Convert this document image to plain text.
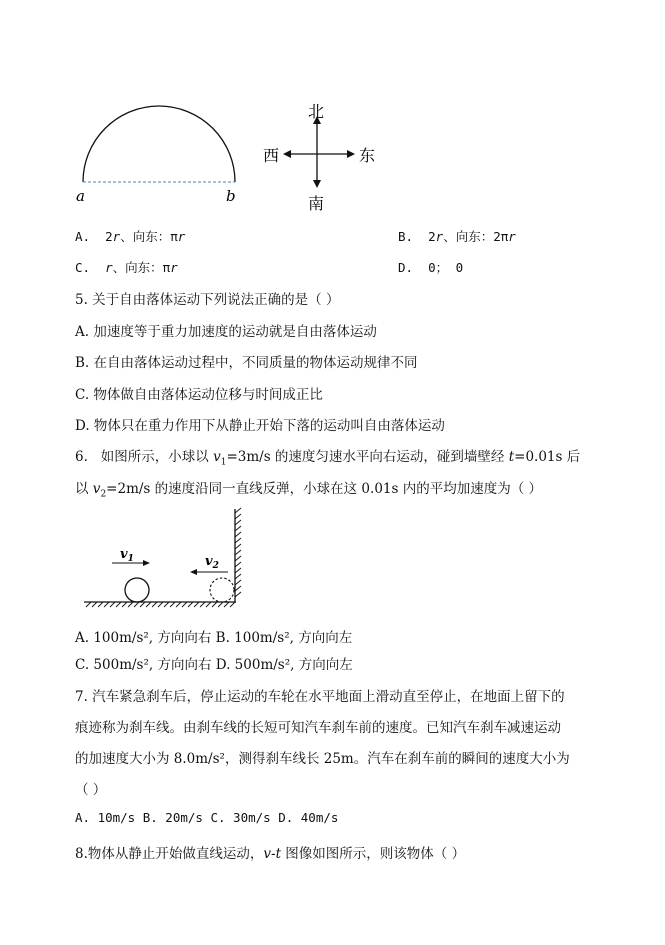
a	b
北
南
东
西
A. 2r、向东：πr	B. 2r、向东：2πr
C. r、向东：πr	D. 0； 0
5. 关于自由落体运动下列说法正确的是（ ）
A. 加速度等于重力加速度的运动就是自由落体运动
B. 在自由落体运动过程中，不同质量的物体运动规律不同
C. 物体做自由落体运动位移与时间成正比
D. 物体只在重力作用下从静止开始下落的运动叫自由落体运动
6. 如图所示，小球以 $v_1=3m/s$ 的速度匀速水平向右运动，碰到墙壁经 t=0.01s 后
以 $v_2=2m/s$ 的速度沿同一直线反弹，小球在这 0.01s 内的平均加速度为（ ）
$v_1$	$v_2$
A. 100m/s², 方向向右 B. 100m/s², 方向向左
C. 500m/s², 方向向右 D. 500m/s², 方向向左
7. 汽车紧急刹车后，停止运动的车轮在水平地面上滑动直至停止，在地面上留下的
痕迹称为刹车线。由刹车线的长短可知汽车刹车前的速度。已知汽车刹车减速运动
的加速度大小为 8.0m/s²，测得刹车线长 25m。汽车在刹车前的瞬间的速度大小为
（ ）
A. 10m/s B. 20m/s C. 30m/s D. 40m/s
8.物体从静止开始做直线运动，v-t 图像如图所示，则该物体（ ）
